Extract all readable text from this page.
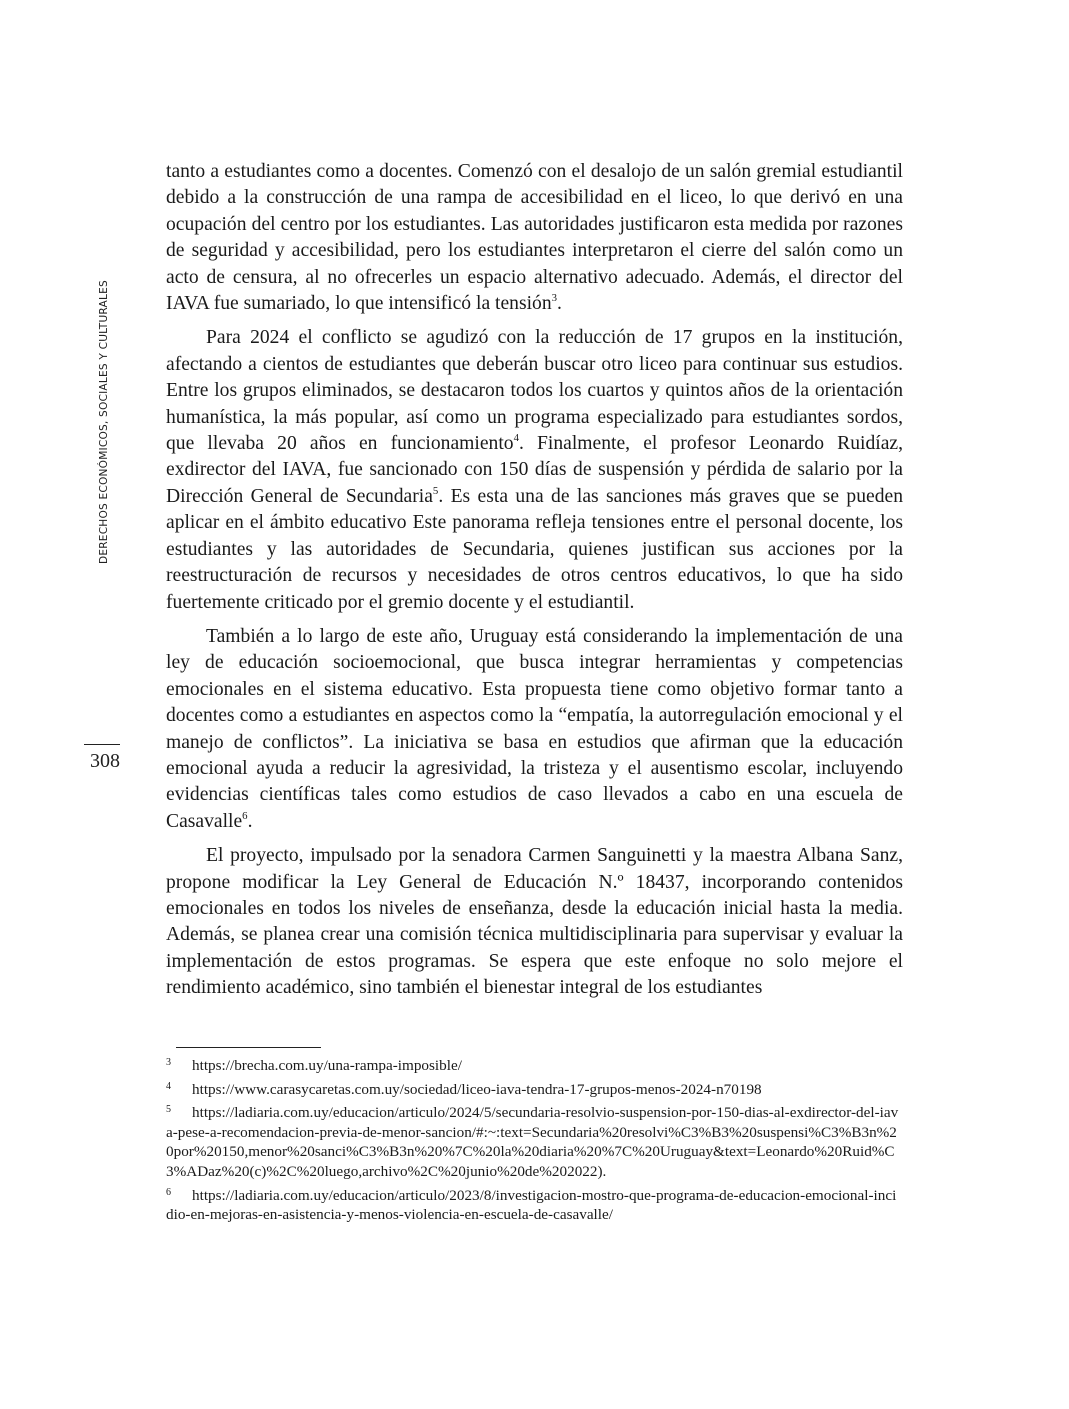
DERECHOS ECONÓMICOS, SOCIALES Y CULTURALES
308

tanto a estudiantes como a docentes. Comenzó con el desalojo de un salón gremial estudiantil debido a la construcción de una rampa de accesibilidad en el liceo, lo que derivó en una ocupación del centro por los estudiantes. Las autoridades justificaron esta medida por razones de seguridad y accesibilidad, pero los estudiantes interpretaron el cierre del salón como un acto de censura, al no ofrecerles un espacio alternativo adecuado. Además, el director del IAVA fue sumariado, lo que intensificó la tensión$^3$.

Para 2024 el conflicto se agudizó con la reducción de 17 grupos en la institución, afectando a cientos de estudiantes que deberán buscar otro liceo para continuar sus estudios. Entre los grupos eliminados, se destacaron todos los cuartos y quintos años de la orientación humanística, la más popular, así como un programa especializado para estudiantes sordos, que llevaba 20 años en funcionamiento$^4$. Finalmente, el profesor Leonardo Ruidíaz, exdirector del IAVA, fue sancionado con 150 días de suspensión y pérdida de salario por la Dirección General de Secundaria$^5$. Es esta una de las sanciones más graves que se pueden aplicar en el ámbito educativo Este panorama refleja tensiones entre el personal docente, los estudiantes y las autoridades de Secundaria, quienes justifican sus acciones por la reestructuración de recursos y necesidades de otros centros educativos, lo que ha sido fuertemente criticado por el gremio docente y el estudiantil.

También a lo largo de este año, Uruguay está considerando la implementación de una ley de educación socioemocional, que busca integrar herramientas y competencias emocionales en el sistema educativo. Esta propuesta tiene como objetivo formar tanto a docentes como a estudiantes en aspectos como la “empatía, la autorregulación emocional y el manejo de conflictos”. La iniciativa se basa en estudios que afirman que la educación emocional ayuda a reducir la agresividad, la tristeza y el ausentismo escolar, incluyendo evidencias científicas tales como estudios de caso llevados a cabo en una escuela de Casavalle$^6$.

El proyecto, impulsado por la senadora Carmen Sanguinetti y la maestra Albana Sanz, propone modificar la Ley General de Educación N.º 18437, incorporando contenidos emocionales en todos los niveles de enseñanza, desde la educación inicial hasta la media. Además, se planea crear una comisión técnica multidisciplinaria para supervisar y evaluar la implementación de estos programas. Se espera que este enfoque no solo mejore el rendimiento académico, sino también el bienestar integral de los estudiantes

3 https://brecha.com.uy/una-rampa-imposible/
4 https://www.carasycaretas.com.uy/sociedad/liceo-iava-tendra-17-grupos-menos-2024-n70198
5 https://ladiaria.com.uy/educacion/articulo/2024/5/secundaria-resolvio-suspension-por-150-dias-al-exdirector-del-iava-pese-a-recomendacion-previa-de-menor-sancion/#:~:text=Secundaria%20resolvi%C3%B3%20suspensi%C3%B3n%20por%20150,menor%20sanci%C3%B3n%20%7C%20la%20diaria%20%7C%20Uruguay&text=Leonardo%20Ruid%C3%ADaz%20(c)%2C%20luego,archivo%2C%20junio%20de%202022).
6 https://ladiaria.com.uy/educacion/articulo/2023/8/investigacion-mostro-que-programa-de-educacion-emocional-incidio-en-mejoras-en-asistencia-y-menos-violencia-en-escuela-de-casavalle/
